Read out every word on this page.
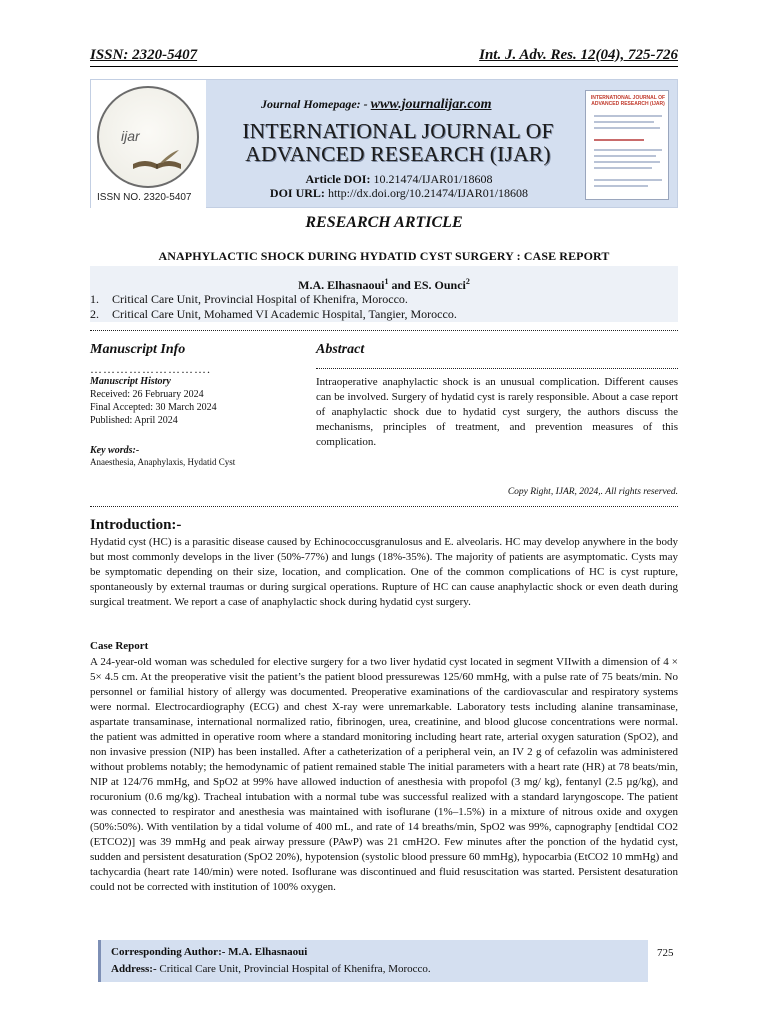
ISSN: 2320-5407	Int. J. Adv. Res. 12(04), 725-726
ijar
ISSN NO. 2320-5407
Journal Homepage: - www.journalijar.com
INTERNATIONAL JOURNAL OF
ADVANCED RESEARCH (IJAR)
Article DOI: 10.21474/IJAR01/18608
DOI URL: http://dx.doi.org/10.21474/IJAR01/18608
INTERNATIONAL JOURNAL OF ADVANCED RESEARCH (IJAR)
RESEARCH ARTICLE
ANAPHYLACTIC SHOCK DURING HYDATID CYST SURGERY : CASE REPORT
M.A. Elhasnaoui$^1$ and ES. Ounci$^2$
1. Critical Care Unit, Provincial Hospital of Khenifra, Morocco.
2. Critical Care Unit, Mohamed VI Academic Hospital, Tangier, Morocco.
Manuscript Info
……………………….
Manuscript History
Received: 26 February 2024
Final Accepted: 30 March 2024
Published: April 2024
Key words:-
Anaesthesia, Anaphylaxis, Hydatid Cyst
Abstract
Intraoperative anaphylactic shock is an unusual complication. Different causes can be involved. Surgery of hydatid cyst is rarely responsible. About a case report of anaphylactic shock due to hydatid cyst surgery, the authors discuss the mechanisms, principles of treatment, and prevention measures of this complication.
Copy Right, IJAR, 2024,. All rights reserved.
Introduction:-
Hydatid cyst (HC) is a parasitic disease caused by Echinococcusgranulosus and E. alveolaris. HC may develop anywhere in the body but most commonly develops in the liver (50%-77%) and lungs (18%-35%). The majority of patients are asymptomatic. Cysts may be symptomatic depending on their size, location, and complication. One of the common complications of HC is cyst rupture, spontaneously by external traumas or during surgical operations. Rupture of HC can cause anaphylactic shock or even death during surgical treatment. We report a case of anaphylactic shock during hydatid cyst surgery.
Case Report
A 24-year-old woman was scheduled for elective surgery for a two liver hydatid cyst located in segment VIIwith a dimension of 4 × 5× 4.5 cm. At the preoperative visit the patient’s the patient blood pressurewas 125/60 mmHg, with a pulse rate of 75 beats/min. No personnel or familial history of allergy was documented. Preoperative examinations of the cardiovascular and respiratory systems were normal. Electrocardiography (ECG) and chest X-ray were unremarkable. Laboratory tests including alanine transaminase, aspartate transaminase, international normalized ratio, fibrinogen, urea, creatinine, and blood glucose concentrations were normal. the patient was admitted in operative room where a standard monitoring including heart rate, arterial oxygen saturation (SpO2), and non invasive pression (NIP) has been installed. After a catheterization of a peripheral vein, an IV 2 g of cefazolin was administered without problems notably; the hemodynamic of patient remained stable The initial parameters with a heart rate (HR) at 78 beats/min, NIP at 124/76 mmHg, and SpO2 at 99% have allowed induction of anesthesia with propofol (3 mg/ kg), fentanyl (2.5 µg/kg), and rocuronium (0.6 mg/kg). Tracheal intubation with a normal tube was successful realized with a standard laryngoscope. The patient was connected to respirator and anesthesia was maintained with isoflurane (1%–1.5%) in a mixture of nitrous oxide and oxygen (50%:50%). With ventilation by a tidal volume of 400 mL, and rate of 14 breaths/min, SpO2 was 99%, capnography [endtidal CO2 (ETCO2)] was 39 mmHg and peak airway pressure (PAwP) was 21 cmH2O. Few minutes after the ponction of the hydatid cyst, sudden and persistent desaturation (SpO2 20%), hypotension (systolic blood pressure 60 mmHg), hypocarbia (EtCO2 10 mmHg) and tachycardia (heart rate 140/min) were noted. Isoflurane was discontinued and fluid resuscitation was started. Persistent desaturation could not be corrected with institution of 100% oxygen.
Corresponding Author:- M.A. Elhasnaoui
Address:- Critical Care Unit, Provincial Hospital of Khenifra, Morocco.
725
